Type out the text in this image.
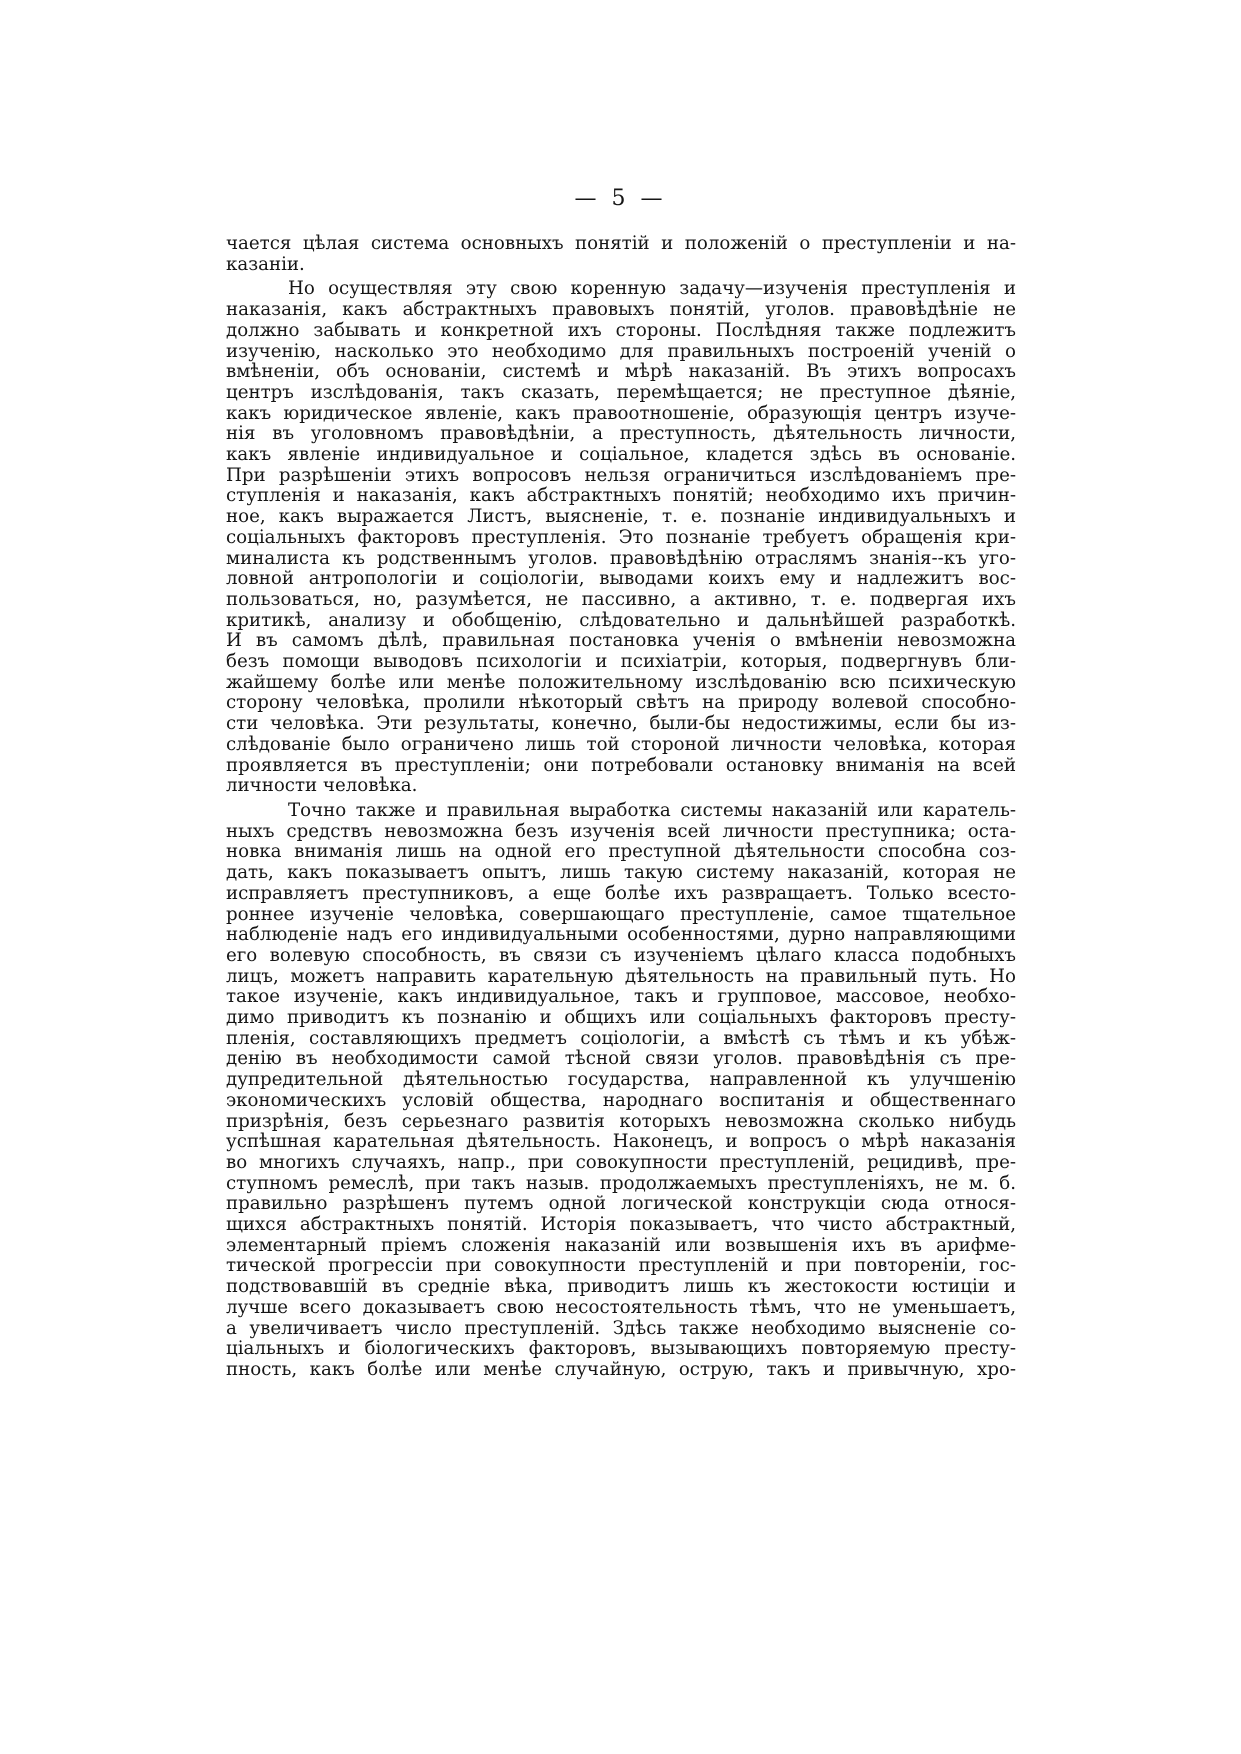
— 5 —
чается цѣлая система основныхъ понятій и положеній о преступленіи и на-
казаніи.
Но осуществляя эту свою коренную задачу—изученія преступленія и
наказанія, какъ абстрактныхъ правовыхъ понятій, уголов. правовѣдѣніе не
должно забывать и конкретной ихъ стороны. Послѣдняя также подлежитъ
изученію, насколько это необходимо для правильныхъ построеній ученій о
вмѣненіи, объ основаніи, системѣ и мѣрѣ наказаній. Въ этихъ вопросахъ
центръ изслѣдованія, такъ сказать, перемѣщается; не преступное дѣяніе,
какъ юридическое явленіе, какъ правоотношеніе, образующія центръ изуче-
нія въ уголовномъ правовѣдѣніи, а преступность, дѣятельность личности,
какъ явленіе индивидуальное и соціальное, кладется здѣсь въ основаніе.
При разрѣшеніи этихъ вопросовъ нельзя ограничиться изслѣдованіемъ пре-
ступленія и наказанія, какъ абстрактныхъ понятій; необходимо ихъ причин-
ное, какъ выражается Листъ, выясненіе, т. е. познаніе индивидуальныхъ и
соціальныхъ факторовъ преступленія. Это познаніе требуетъ обращенія кри-
миналиста къ родственнымъ уголов. правовѣдѣнію отраслямъ знанія--къ уго-
ловной антропологіи и соціологіи, выводами коихъ ему и надлежитъ вос-
пользоваться, но, разумѣется, не пассивно, а активно, т. е. подвергая ихъ
критикѣ, анализу и обобщенію, слѣдовательно и дальнѣйшей разработкѣ.
И въ самомъ дѣлѣ, правильная постановка ученія о вмѣненіи невозможна
безъ помощи выводовъ психологіи и психіатріи, которыя, подвергнувъ бли-
жайшему болѣе или менѣе положительному изслѣдованію всю психическую
сторону человѣка, пролили нѣкоторый свѣтъ на природу волевой способно-
сти человѣка. Эти результаты, конечно, были-бы недостижимы, если бы из-
слѣдованіе было ограничено лишь той стороной личности человѣка, которая
проявляется въ преступленіи; они потребовали остановку вниманія на всей
личности человѣка.
Точно также и правильная выработка системы наказаній или каратель-
ныхъ средствъ невозможна безъ изученія всей личности преступника; оста-
новка вниманія лишь на одной его преступной дѣятельности способна соз-
дать, какъ показываетъ опытъ, лишь такую систему наказаній, которая не
исправляетъ преступниковъ, а еще болѣе ихъ развращаетъ. Только всесто-
роннее изученіе человѣка, совершающаго преступленіе, самое тщательное
наблюденіе надъ его индивидуальными особенностями, дурно направляющими
его волевую способность, въ связи съ изученіемъ цѣлаго класса подобныхъ
лицъ, можетъ направить карательную дѣятельность на правильный путь. Но
такое изученіе, какъ индивидуальное, такъ и групповое, массовое, необхо-
димо приводитъ къ познанію и общихъ или соціальныхъ факторовъ престу-
пленія, составляющихъ предметъ соціологіи, а вмѣстѣ съ тѣмъ и къ убѣж-
денію въ необходимости самой тѣсной связи уголов. правовѣдѣнія съ пре-
дупредительной дѣятельностью государства, направленной къ улучшенію
экономическихъ условій общества, народнаго воспитанія и общественнаго
призрѣнія, безъ серьезнаго развитія которыхъ невозможна сколько нибудь
успѣшная карательная дѣятельность. Наконецъ, и вопросъ о мѣрѣ наказанія
во многихъ случаяхъ, напр., при совокупности преступленій, рецидивѣ, пре-
ступномъ ремеслѣ, при такъ назыв. продолжаемыхъ преступленіяхъ, не м. б.
правильно разрѣшенъ путемъ одной логической конструкціи сюда относя-
щихся абстрактныхъ понятій. Исторія показываетъ, что чисто абстрактный,
элементарный пріемъ сложенія наказаній или возвышенія ихъ въ арифме-
тической прогрессіи при совокупности преступленій и при повтореніи, гос-
подствовавшій въ средніе вѣка, приводитъ лишь къ жестокости юстиціи и
лучше всего доказываетъ свою несостоятельность тѣмъ, что не уменьшаетъ,
а увеличиваетъ число преступленій. Здѣсь также необходимо выясненіе со-
ціальныхъ и біологическихъ факторовъ, вызывающихъ повторяемую престу-
пность, какъ болѣе или менѣе случайную, острую, такъ и привычную, хро-
